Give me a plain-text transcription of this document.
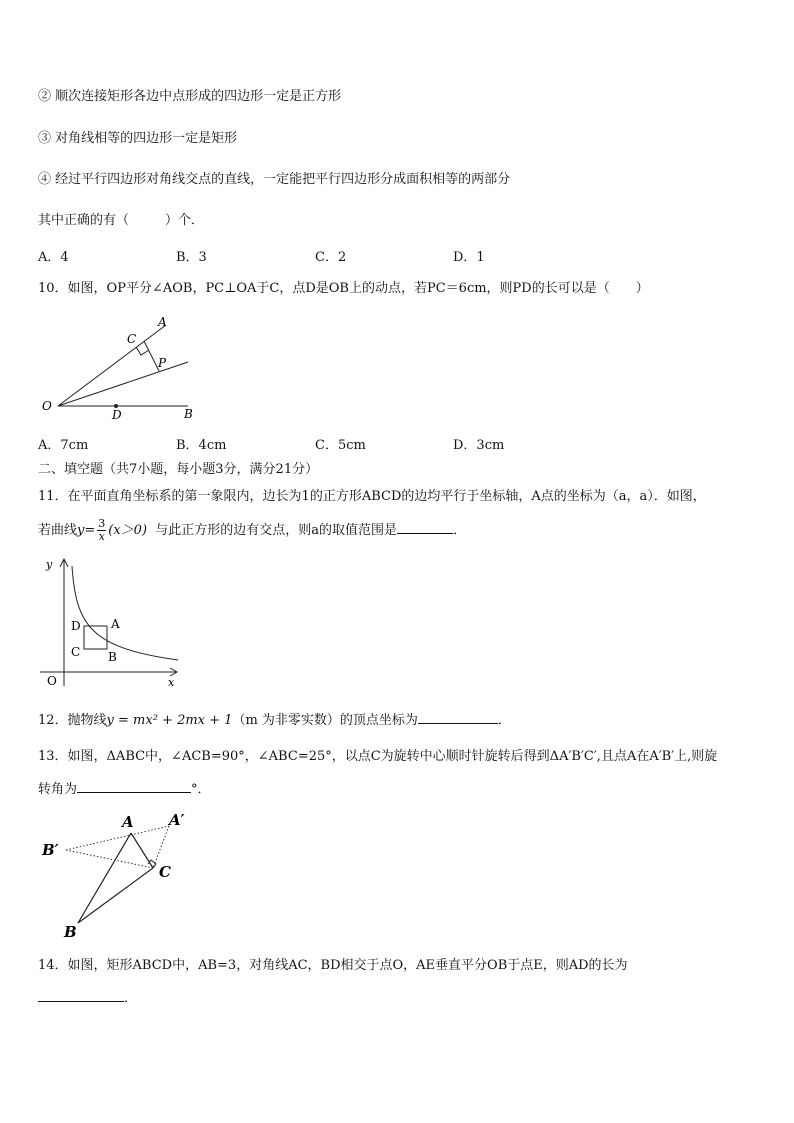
② 顺次连接矩形各边中点形成的四边形一定是正方形
③ 对角线相等的四边形一定是矩形
④ 经过平行四边形对角线交点的直线，一定能把平行四边形分成面积相等的两部分
其中正确的有（	）个．
A．4	B．3	C．2	D．1
10．如图，OP平分∠AOB，PC⊥OA于C，点D是OB上的动点，若PC＝6cm，则PD的长可以是（　　）
O
A
B
C
P
D
A．7cm	B．4cm	C．5cm	D．3cm
二、填空题（共7小题，每小题3分，满分21分）
11．在平面直角坐标系的第一象限内，边长为1的正方形ABCD的边均平行于坐标轴，A点的坐标为（a，a）．如图，
若曲线$y= \frac{3}{x} (x>0)$ 与此正方形的边有交点，则a的取值范围是	．
y
x
O
A
B
C
D
12．抛物线y = mx² + 2mx + 1（m 为非零实数）的顶点坐标为	．
13．如图，ΔABC中，∠ACB=90°，∠ABC=25°，以点C为旋转中心顺时针旋转后得到ΔA′B′C′,且点A在A′B′上,则旋
转角为	°．
A A′
B′
C
B
14．如图，矩形ABCD中，AB=3，对角线AC，BD相交于点O，AE垂直平分OB于点E，则AD的长为
．
